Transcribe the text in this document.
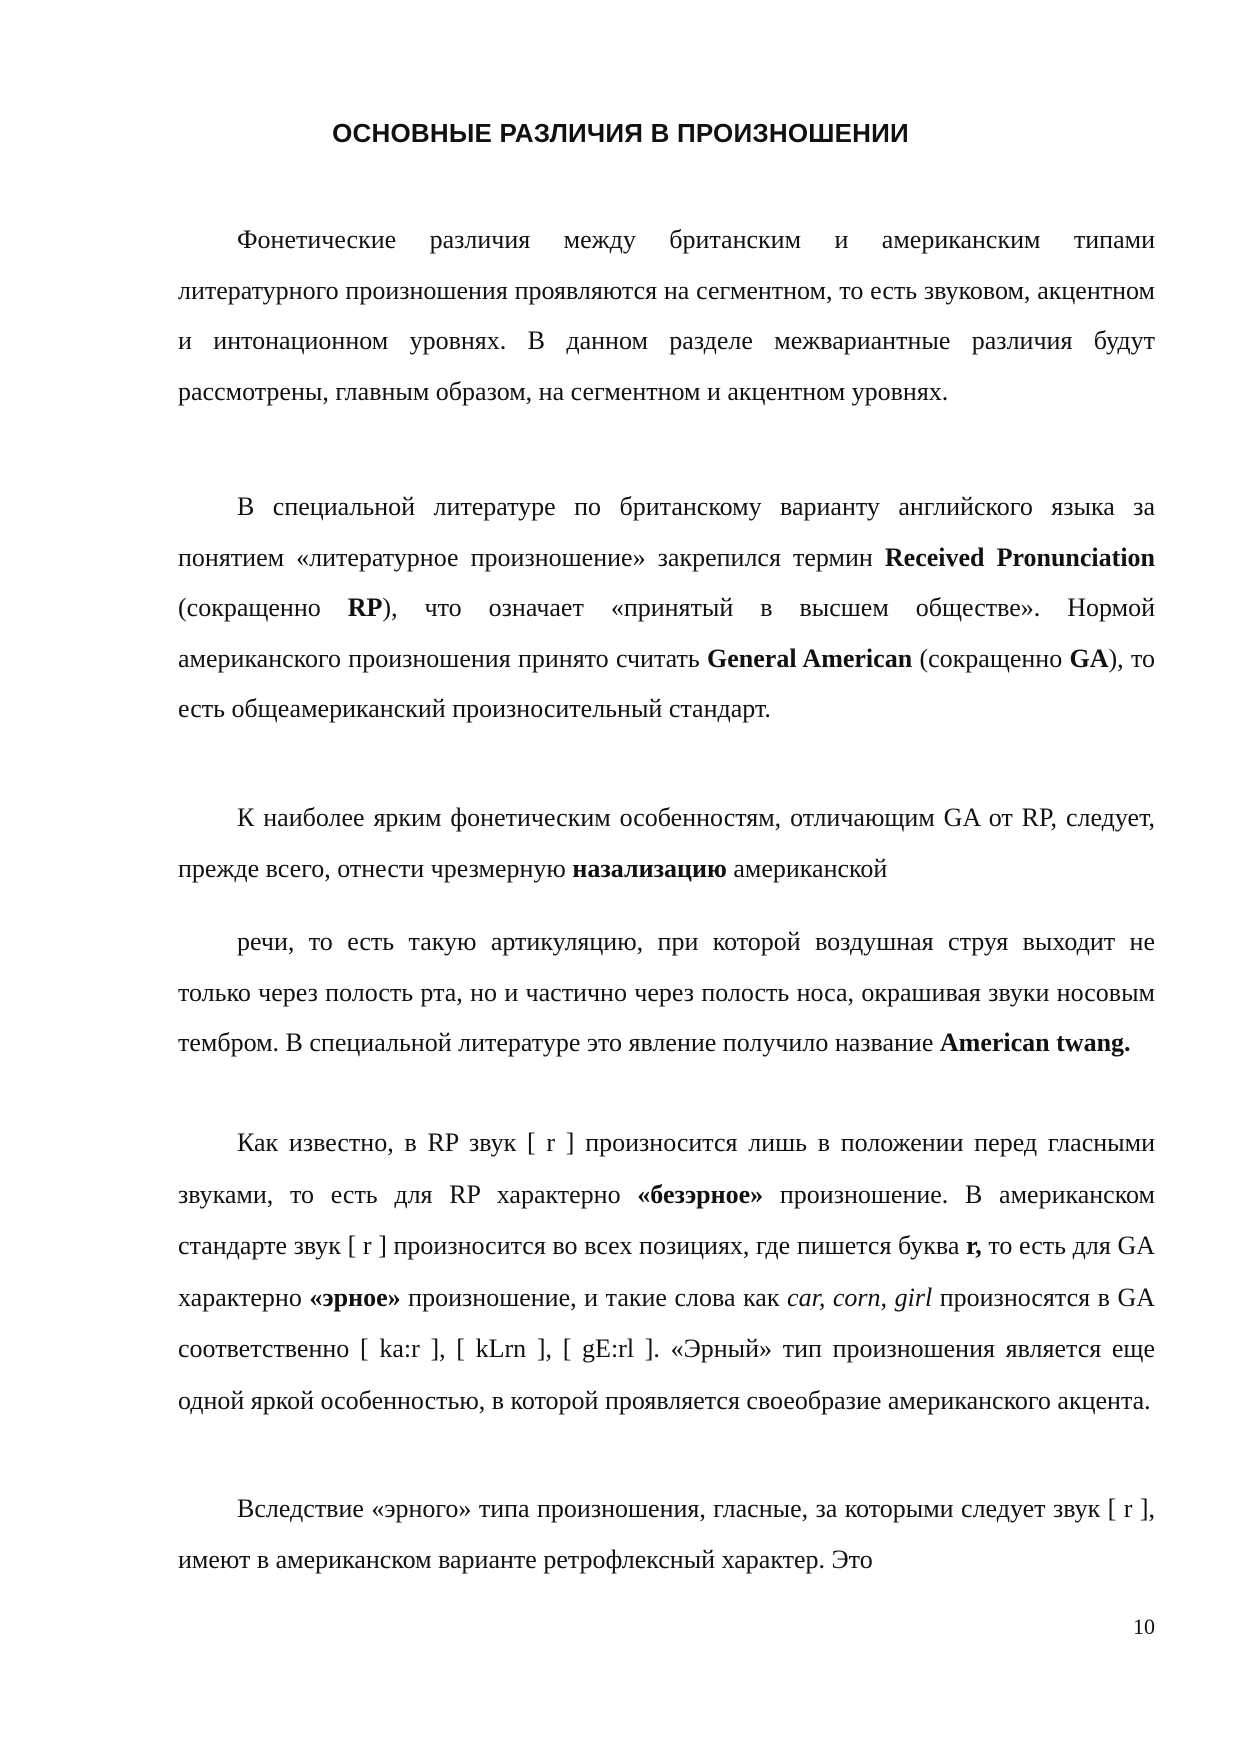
ОСНОВНЫЕ РАЗЛИЧИЯ В ПРОИЗНОШЕНИИ

Фонетические различия между британским и американским типами литературного произношения проявляются на сегментном, то есть звуковом, акцентном и интонационном уровнях. В данном разделе межвариантные различия будут рассмотрены, главным образом, на сегментном и акцентном уровнях.

В специальной литературе по британскому варианту английского языка за понятием «литературное произношение» закрепился термин Received Pronunciation (сокращенно RP), что означает «принятый в высшем обществе». Нормой американского произношения принято считать General American (сокращенно GA), то есть общеамериканский произносительный стандарт.

К наиболее ярким фонетическим особенностям, отличающим GA от RP, следует, прежде всего, отнести чрезмерную назализацию американской

речи, то есть такую артикуляцию, при которой воздушная струя выходит не только через полость рта, но и частично через полость носа, окрашивая звуки носовым тембром. В специальной литературе это явление получило название American twang.

Как известно, в RP звук [ r ] произносится лишь в положении перед гласными звуками, то есть для RP характерно «безэрное» произношение. В американском стандарте звук [ r ] произносится во всех позициях, где пишется буква r, то есть для GA характерно «эрное» произношение, и такие слова как car, corn, girl произносятся в GA соответственно [ ka:r ], [ kLrn ], [ gE:rl ]. «Эрный» тип произношения является еще одной яркой особенностью, в которой проявляется своеобразие американского акцента.

Вследствие «эрного» типа произношения, гласные, за которыми следует звук [ r ], имеют в американском варианте ретрофлексный характер. Это

10
